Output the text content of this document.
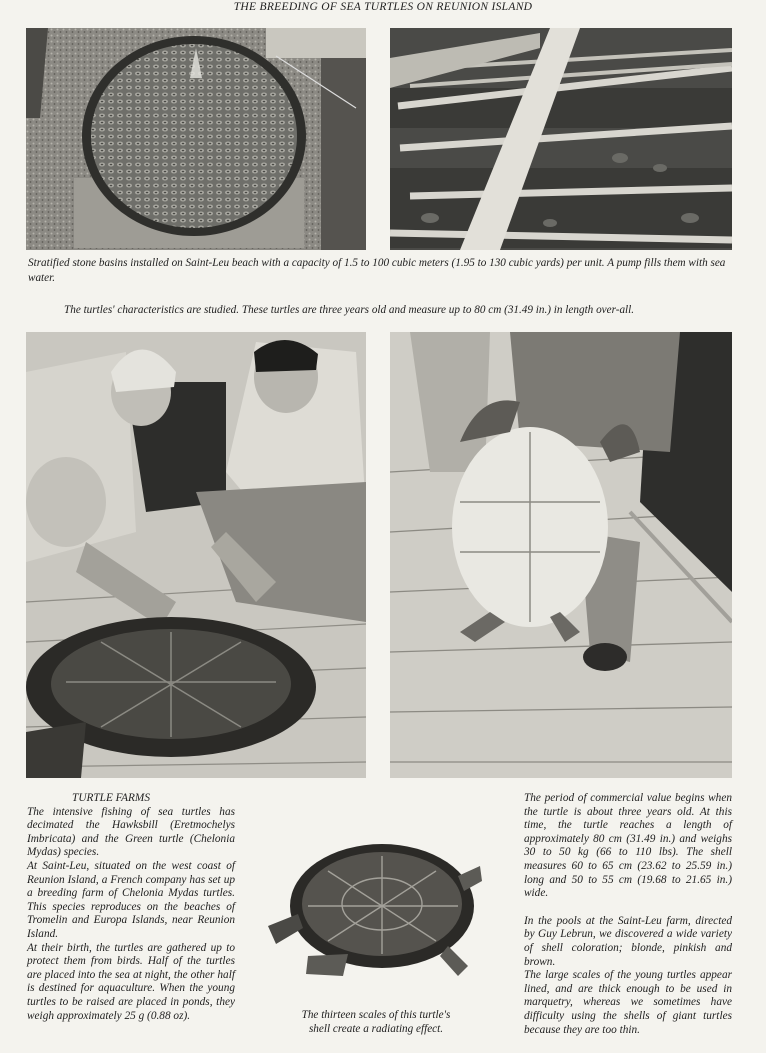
THE BREEDING OF SEA TURTLES ON REUNION ISLAND
Stratified stone basins installed on Saint-Leu beach with a capacity of 1.5 to 100 cubic meters (1.95 to 130 cubic yards) per unit. A pump fills them with sea water.
The turtles' characteristics are studied. These turtles are three years old and measure up to 80 cm (31.49 in.) in length over-all.

TURTLE FARMS

The intensive fishing of sea turtles has decimated the Hawksbill (Eretmochelys Imbricata) and the Green turtle (Chelonia Mydas) species.

At Saint-Leu, situated on the west coast of Reunion Island, a French company has set up a breeding farm of Chelonia Mydas turtles. This species reproduces on the beaches of Tromelin and Europa Islands, near Reunion Island.

At their birth, the turtles are gathered up to protect them from birds. Half of the turtles are placed into the sea at night, the other half is destined for aquaculture. When the young turtles to be raised are placed in ponds, they weigh approximately 25 g (0.88 oz).	The thirteen scales of this turtle's
shell create a radiating effect.

The period of commercial value begins when the turtle is about three years old. At this time, the turtle reaches a length of approximately 80 cm (31.49 in.) and weighs 30 to 50 kg (66 to 110 lbs). The shell measures 60 to 65 cm (23.62 to 25.59 in.) long and 50 to 55 cm (19.68 to 21.65 in.) wide.

In the pools at the Saint-Leu farm, directed by Guy Lebrun, we discovered a wide variety of shell coloration; blonde, pinkish and brown.

The large scales of the young turtles appear lined, and are thick enough to be used in marquetry, whereas we sometimes have difficulty using the shells of giant turtles because they are too thin.
